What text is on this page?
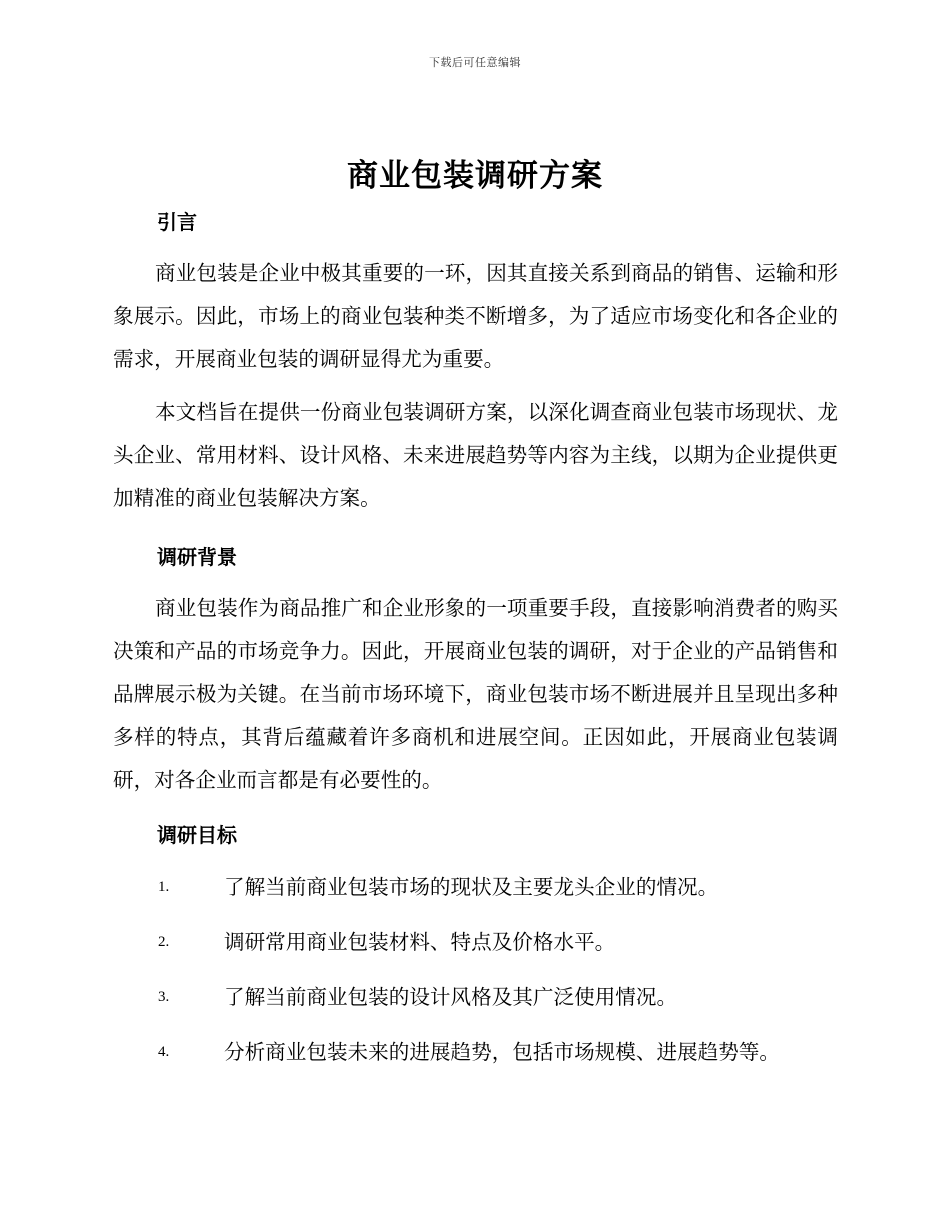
下载后可任意编辑
商业包装调研方案
引言

商业包装是企业中极其重要的一环，因其直接关系到商品的销售、运输和形象展示。因此，市场上的商业包装种类不断增多，为了适应市场变化和各企业的需求，开展商业包装的调研显得尤为重要。

本文档旨在提供一份商业包装调研方案，以深化调查商业包装市场现状、龙头企业、常用材料、设计风格、未来进展趋势等内容为主线，以期为企业提供更加精准的商业包装解决方案。

调研背景

商业包装作为商品推广和企业形象的一项重要手段，直接影响消费者的购买决策和产品的市场竞争力。因此，开展商业包装的调研，对于企业的产品销售和品牌展示极为关键。在当前市场环境下，商业包装市场不断进展并且呈现出多种多样的特点，其背后蕴藏着许多商机和进展空间。正因如此，开展商业包装调研，对各企业而言都是有必要性的。

调研目标
1.	了解当前商业包装市场的现状及主要龙头企业的情况。
2.	调研常用商业包装材料、特点及价格水平。
3.	了解当前商业包装的设计风格及其广泛使用情况。
4.	分析商业包装未来的进展趋势，包括市场规模、进展趋势等。
